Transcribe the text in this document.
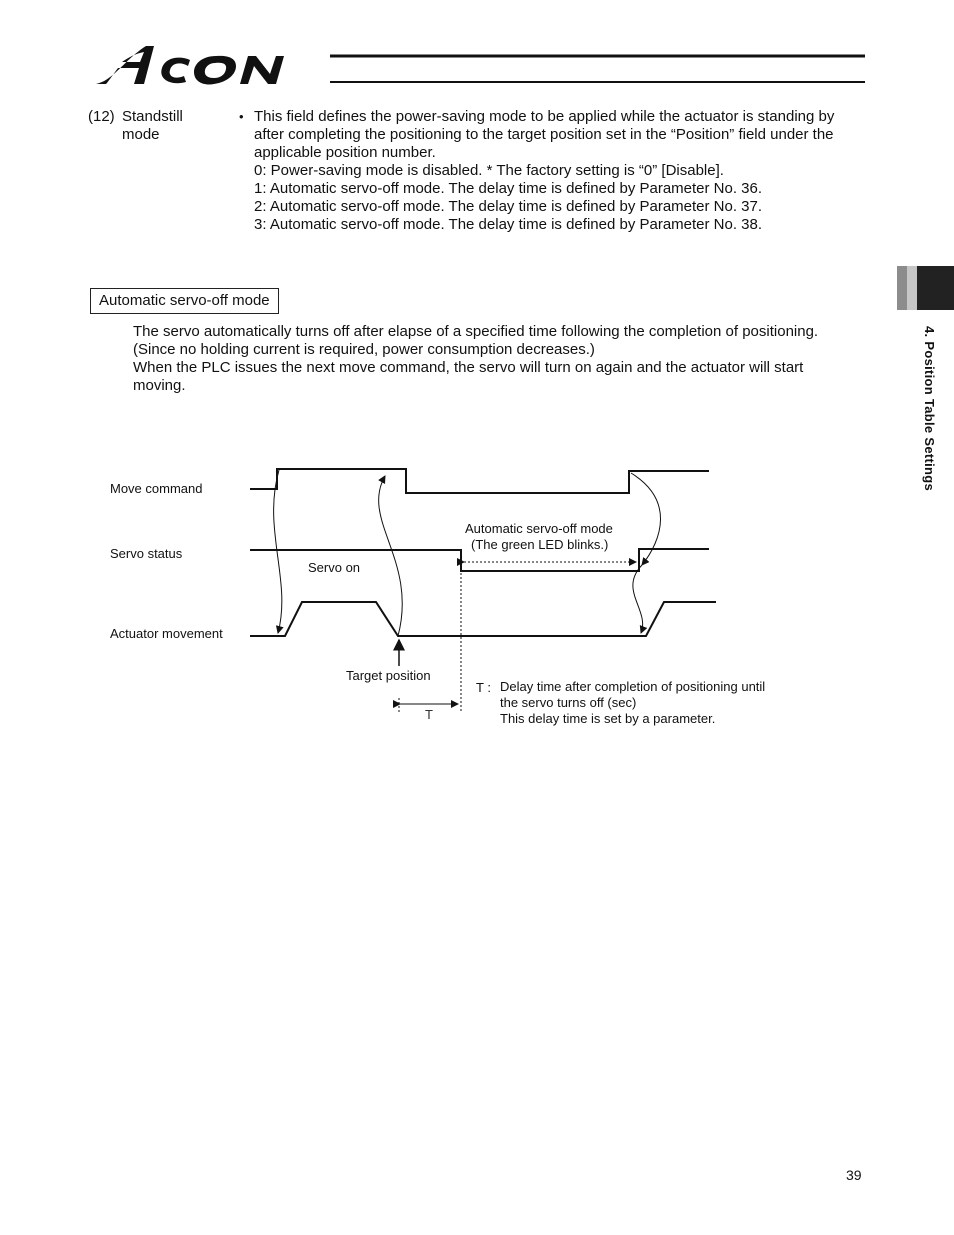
(12) Standstill
mode
• This field defines the power-saving mode to be applied while the actuator is standing by
after completing the positioning to the target position set in the “Position” field under the
applicable position number.
0: Power-saving mode is disabled. * The factory setting is “0” [Disable].
1: Automatic servo-off mode. The delay time is defined by Parameter No. 36.
2: Automatic servo-off mode. The delay time is defined by Parameter No. 37.
3: Automatic servo-off mode. The delay time is defined by Parameter No. 38.
Automatic servo-off mode
The servo automatically turns off after elapse of a specified time following the completion of positioning.
(Since no holding current is required, power consumption decreases.)
When the PLC issues the next move command, the servo will turn on again and the actuator will start
moving.	4. Position Table Settings
Move command
Servo status
Actuator movement
Servo on
Automatic servo-off mode
(The green LED blinks.)
Target position
T
T : Delay time after completion of positioning until
the servo turns off (sec)
This delay time is set by a parameter.
39
